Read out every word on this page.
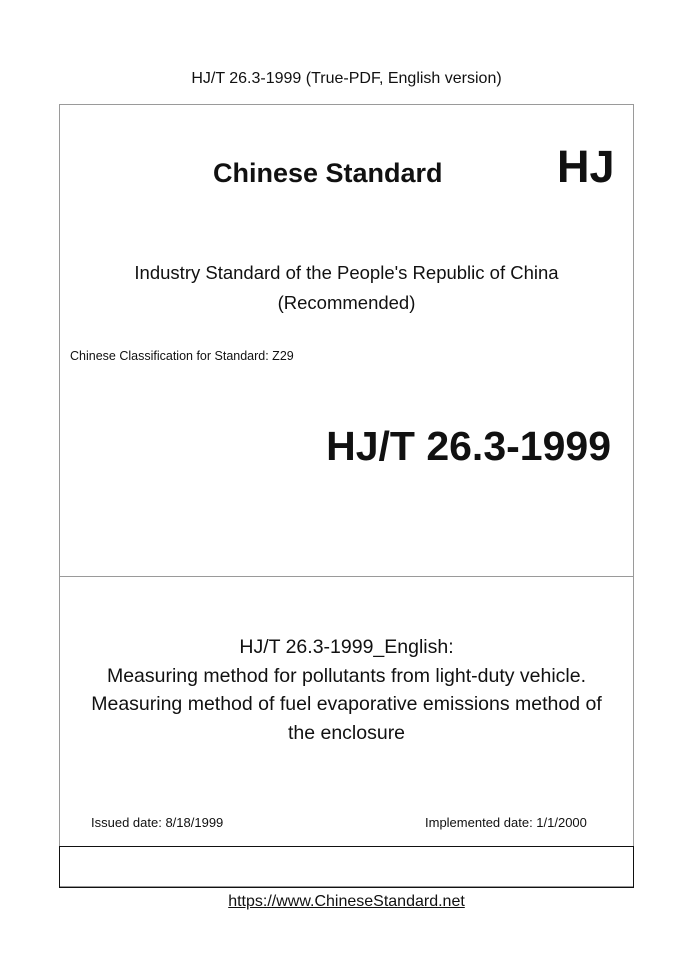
HJ/T 26.3-1999 (True-PDF, English version)
Chinese Standard	HJ
Industry Standard of the People's Republic of China
(Recommended)
Chinese Classification for Standard: Z29
HJ/T 26.3-1999
HJ/T 26.3-1999_English:
Measuring method for pollutants from light-duty vehicle.
Measuring method of fuel evaporative emissions method of
the enclosure
Issued date: 8/18/1999	Implemented date: 1/1/2000
https://www.ChineseStandard.net
